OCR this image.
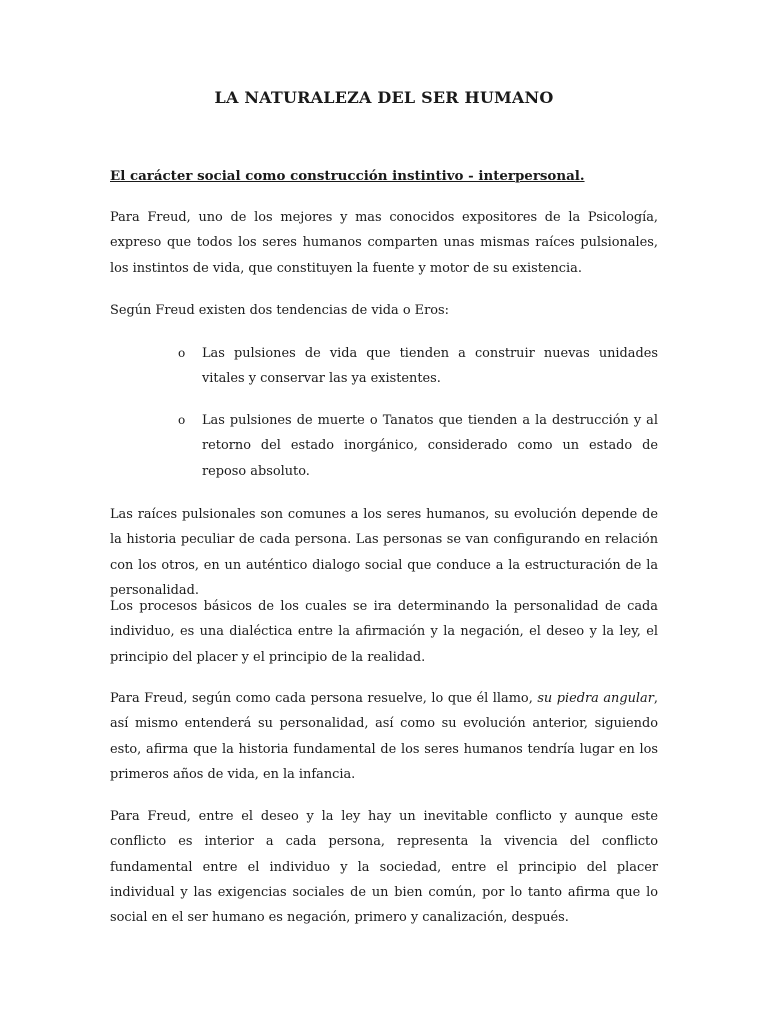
LA NATURALEZA DEL SER HUMANO

El carácter social como construcción instintivo - interpersonal.

Para Freud, uno de los mejores y mas conocidos expositores de la Psicología, expreso que todos los seres humanos comparten unas mismas raíces pulsionales, los instintos de vida, que constituyen la fuente y motor de su existencia.

Según Freud existen dos tendencias de vida o Eros:

o Las pulsiones de vida que tienden a construir nuevas unidades vitales y conservar las ya existentes.
o Las pulsiones de muerte o Tanatos que tienden a la destrucción y al retorno del estado inorgánico, considerado como un estado de reposo absoluto.

Las raíces pulsionales son comunes a los seres humanos, su evolución depende de la historia peculiar de cada persona. Las personas se van configurando en relación con los otros, en un auténtico dialogo social que conduce a la estructuración de la personalidad.

Los procesos básicos de los cuales se ira determinando la personalidad de cada individuo, es una dialéctica entre la afirmación y la negación, el deseo y la ley, el principio del placer y el principio de la realidad.

Para Freud, según como cada persona resuelve, lo que él llamo, su piedra angular, así mismo entenderá su personalidad, así como su evolución anterior, siguiendo esto, afirma que la historia fundamental de los seres humanos tendría lugar en los primeros años de vida, en la infancia.

Para Freud, entre el deseo y la ley hay un inevitable conflicto y aunque este conflicto es interior a cada persona, representa la vivencia del conflicto fundamental entre el individuo y la sociedad, entre el principio del placer individual y las exigencias sociales de un bien común, por lo tanto afirma que lo social en el ser humano es negación, primero y canalización, después.
